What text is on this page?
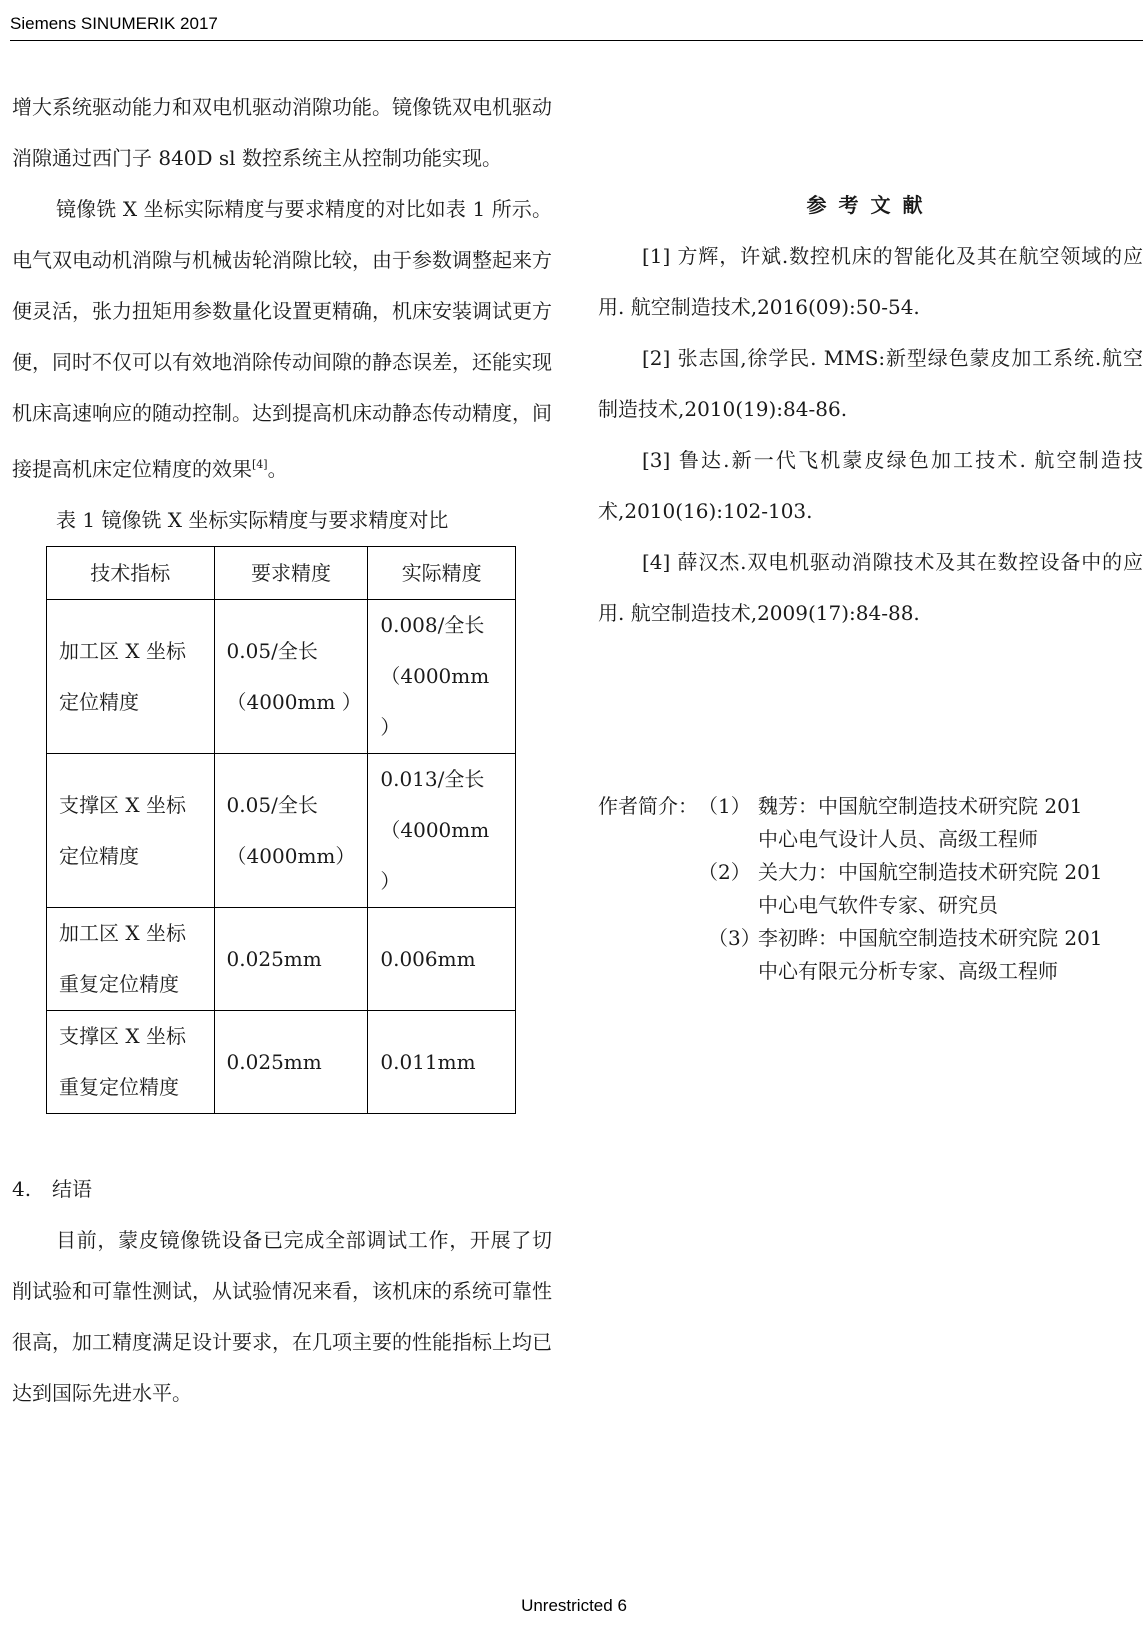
Siemens SINUMERIK 2017

增大系统驱动能力和双电机驱动消隙功能。镜像铣双电机驱动消隙通过西门子 840D sl 数控系统主从控制功能实现。

镜像铣 X 坐标实际精度与要求精度的对比如表 1 所示。电气双电动机消隙与机械齿轮消隙比较，由于参数调整起来方便灵活，张力扭矩用参数量化设置更精确，机床安装调试更方便，同时不仅可以有效地消除传动间隙的静态误差，还能实现机床高速响应的随动控制。达到提高机床动静态传动精度，间接提高机床定位精度的效果[4]。

表 1 镜像铣 X 坐标实际精度与要求精度对比

技术指标	要求精度	实际精度
加工区 X 坐标定位精度	0.05/全长（4000mm ）	0.008/全长（4000mm ）
支撑区 X 坐标定位精度	0.05/全长（4000mm）	0.013/全长（4000mm ）
加工区 X 坐标重复定位精度	0.025mm	0.006mm
支撑区 X 坐标重复定位精度	0.025mm	0.011mm

4. 结语

目前，蒙皮镜像铣设备已完成全部调试工作，开展了切削试验和可靠性测试，从试验情况来看，该机床的系统可靠性很高，加工精度满足设计要求，在几项主要的性能指标上均已达到国际先进水平。

参考文献

[1] 方辉，许斌.数控机床的智能化及其在航空领域的应用. 航空制造技术,2016(09):50-54.

[2] 张志国,徐学民. MMS:新型绿色蒙皮加工系统.航空制造技术,2010(19):84-86.

[3] 鲁达.新一代飞机蒙皮绿色加工技术. 航空制造技术,2010(16):102-103.

[4] 薛汉杰.双电机驱动消隙技术及其在数控设备中的应用. 航空制造技术,2009(17):84-88.

作者简介： （1） 魏芳：中国航空制造技术研究院 201
中心电气设计人员、高级工程师
（2） 关大力：中国航空制造技术研究院 201
中心电气软件专家、研究员
（3）
李初晔：中国航空制造技术研究院 201
中心有限元分析专家、高级工程师
Unrestricted 6
